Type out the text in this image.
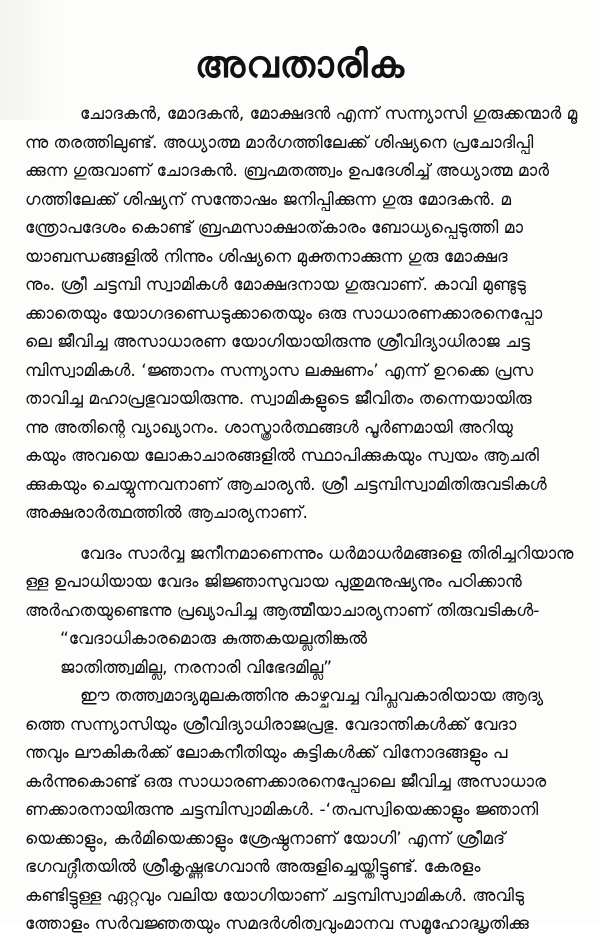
അവതാരിക
ചോദകൻ, മോദകൻ, മോക്ഷദൻ എന്ന് സന്ന്യാസി ഗുരുക്കന്മാർ മൂ
ന്നു തരത്തിലുണ്ട്. അധ്യാത്മ മാർഗത്തിലേക്ക് ശിഷ്യനെ പ്രചോദിപ്പി
ക്കുന്ന ഗുരുവാണ് ചോദകൻ. ബ്രഹ്മതത്ത്വം ഉപദേശിച്ച് അധ്യാത്മ മാർ
ഗത്തിലേക്ക് ശിഷ്യന് സന്തോഷം ജനിപ്പിക്കുന്ന ഗുരു മോദകൻ. മ
ന്ത്രോപദേശം കൊണ്ട് ബ്രഹ്മസാക്ഷാത്കാരം ബോധ്യപ്പെടുത്തി മാ
യാബന്ധങ്ങളിൽ നിന്നും ശിഷ്യനെ മുക്തനാക്കുന്ന ഗുരു മോക്ഷദ
നും. ശ്രീ ചട്ടമ്പി സ്വാമികൾ മോക്ഷദനായ ഗുരുവാണ്. കാവി മുണ്ടുടു
ക്കാതെയും യോഗദണ്ഡെടുക്കാതെയും ഒരു സാധാരണക്കാരനെപ്പോ
ലെ ജീവിച്ച അസാധാരണ യോഗിയായിരുന്നു ശ്രീവിദ്യാധിരാജ ചട്ട
മ്പിസ്വാമികൾ. ‘ജ്ഞാനം സന്ന്യാസ ലക്ഷണം’ എന്ന് ഉറക്കെ പ്രസ
താവിച്ച മഹാപ്രഭുവായിരുന്നു. സ്വാമികളുടെ ജീവിതം തന്നെയായിരു
ന്നു അതിന്റെ വ്യാഖ്യാനം. ശാസ്ത്രാർത്ഥങ്ങൾ പൂർണമായി അറിയു
കയും അവയെ ലോകാചാരങ്ങളിൽ സ്ഥാപിക്കുകയും സ്വയം ആചരി
ക്കുകയും ചെയ്യുന്നവനാണ് ആചാര്യൻ. ശ്രീ ചട്ടമ്പിസ്വാമിതിരുവടികൾ
അക്ഷരാർത്ഥത്തിൽ ആചാര്യനാണ്.
വേദം സാർവ്വ ജനീനമാണെന്നും ധർമാധർമങ്ങളെ തിരിച്ചറിയാനു
ള്ള ഉപാധിയായ വേദം ജിജ്ഞാസുവായ പുതുമനുഷ്യനും പഠിക്കാൻ
അർഹതയുണ്ടെന്നു പ്രഖ്യാപിച്ച ആത്മീയാചാര്യനാണ് തിരുവടികൾ-
“വേദാധികാരമൊരു കുത്തകയല്ലതിങ്കൽ
ജാതിത്ത്വമില്ല, നരനാരി വിഭേദമില്ല”
ഈ തത്ത്വമാദ്യമുലകത്തിനു കാഴ്ചവച്ച വിപ്ലവകാരിയായ ആദ്യ
ത്തെ സന്ന്യാസിയും ശ്രീവിദ്യാധിരാജപ്രഭു. വേദാന്തികൾക്ക് വേദാ
ന്തവും ലൗകികർക്ക് ലോകനീതിയും കുട്ടികൾക്ക് വിനോദങ്ങളും പ
കർന്നുകൊണ്ട് ഒരു സാധാരണക്കാരനെപ്പോലെ ജീവിച്ച അസാധാര
ണക്കാരനായിരുന്നു ചട്ടമ്പിസ്വാമികൾ. -‘തപസ്വിയെക്കാളും ജ്ഞാനി
യെക്കാളും, കർമിയെക്കാളും ശ്രേഷ്ഠനാണ് യോഗി’ എന്ന് ശ്രീമദ്
ഭഗവദ്ഗീതയിൽ ശ്രീകൃഷ്ണഭഗവാൻ അരുളിച്ചെയ്തിട്ടുണ്ട്. കേരളം
കണ്ടിട്ടുള്ള ഏറ്റവും വലിയ യോഗിയാണ് ചട്ടമ്പിസ്വാമികൾ. അവിടു
ത്തോളം സർവജ്ഞതയും സമദർശിത്വവുംമാനവ സമൂഹോദ്ധൃതിക്കു
